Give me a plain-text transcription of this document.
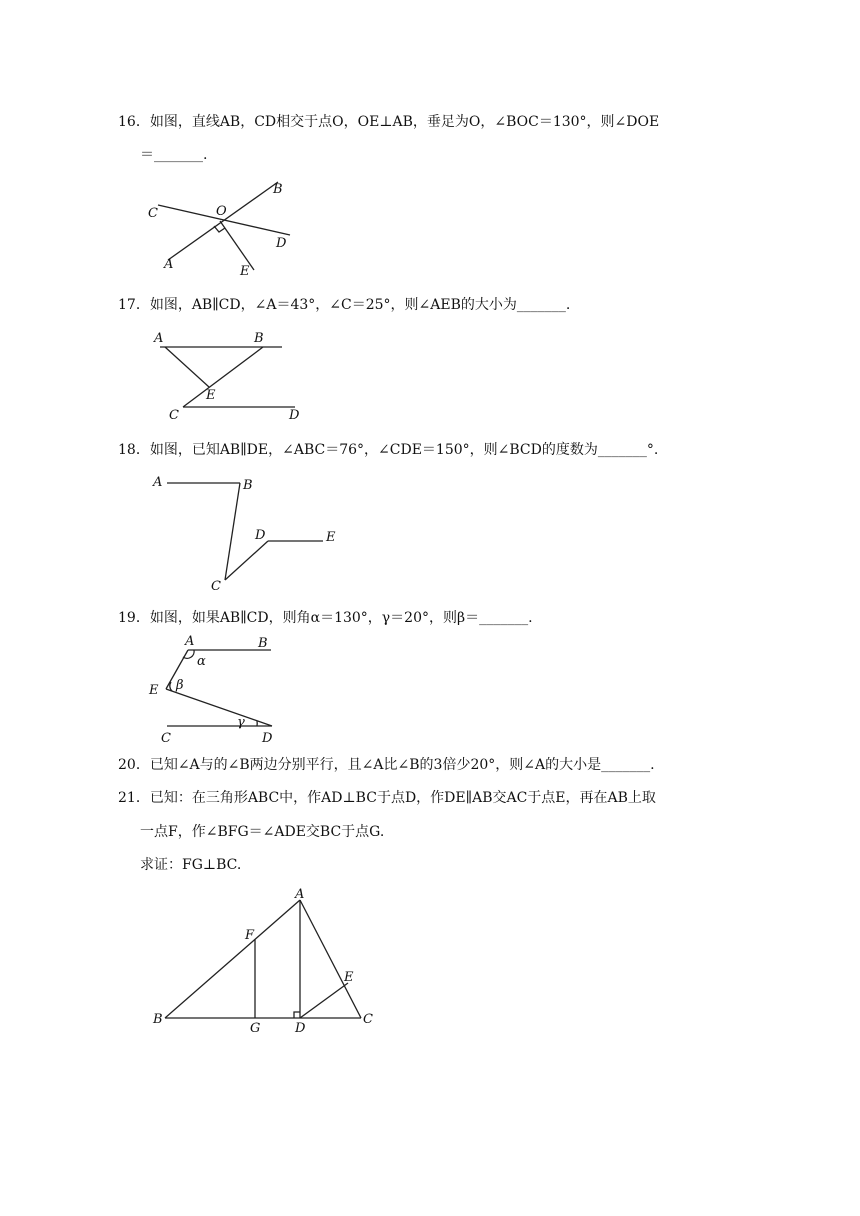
16．如图，直线AB，CD相交于点O，OE⊥AB，垂足为O，∠BOC＝130°，则∠DOE
＝_______.
C	O
B
D
A	E
17．如图，AB∥CD，∠A＝43°，∠C＝25°，则∠AEB的大小为_______.
A	B
E
C	D
18．如图，已知AB∥DE，∠ABC＝76°，∠CDE＝150°，则∠BCD的度数为_______°.
A	B
D	E
C
19．如图，如果AB∥CD，则角α＝130°，γ＝20°，则β＝_______.
A	B
α
E β
γ
C	D
20．已知∠A与的∠B两边分别平行，且∠A比∠B的3倍少20°，则∠A的大小是_______.
21．已知：在三角形ABC中，作AD⊥BC于点D，作DE∥AB交AC于点E，再在AB上取
一点F，作∠BFG＝∠ADE交BC于点G.
求证：FG⊥BC.
A
F
E
B
G	D
C
